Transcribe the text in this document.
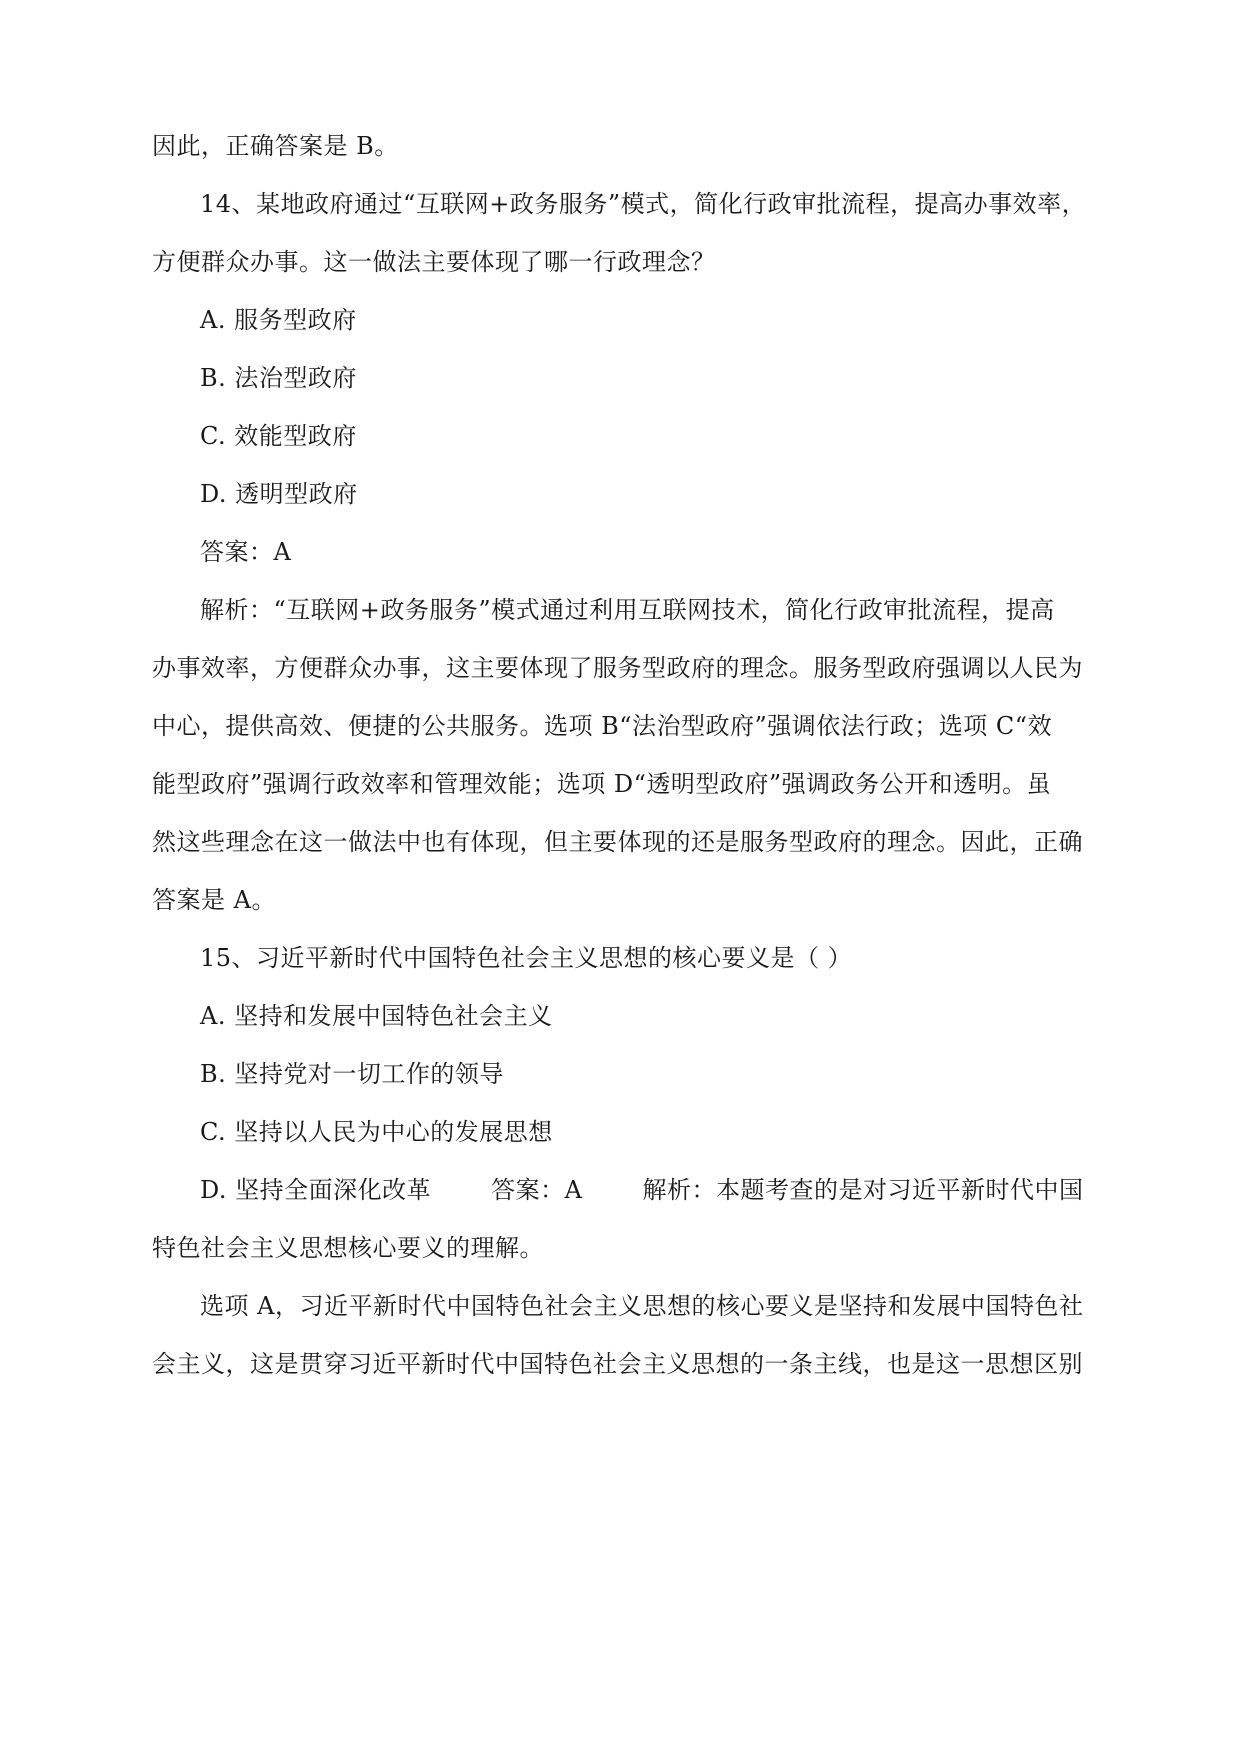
因此，正确答案是 B。
14、某地政府通过“互联网+政务服务”模式，简化行政审批流程，提高办事效率，
方便群众办事。这一做法主要体现了哪一行政理念？
A. 服务型政府
B. 法治型政府
C. 效能型政府
D. 透明型政府
答案：A
解析：“互联网+政务服务”模式通过利用互联网技术，简化行政审批流程，提高
办事效率，方便群众办事，这主要体现了服务型政府的理念。服务型政府强调以人民为
中心，提供高效、便捷的公共服务。选项 B“法治型政府”强调依法行政；选项 C“效
能型政府”强调行政效率和管理效能；选项 D“透明型政府”强调政务公开和透明。虽
然这些理念在这一做法中也有体现，但主要体现的还是服务型政府的理念。因此，正确
答案是 A。
15、习近平新时代中国特色社会主义思想的核心要义是（ ）
A. 坚持和发展中国特色社会主义
B. 坚持党对一切工作的领导
C. 坚持以人民为中心的发展思想
D. 坚持全面深化改革	答案：A	解析：本题考查的是对习近平新时代中国
特色社会主义思想核心要义的理解。
选项 A，习近平新时代中国特色社会主义思想的核心要义是坚持和发展中国特色社
会主义，这是贯穿习近平新时代中国特色社会主义思想的一条主线，也是这一思想区别
